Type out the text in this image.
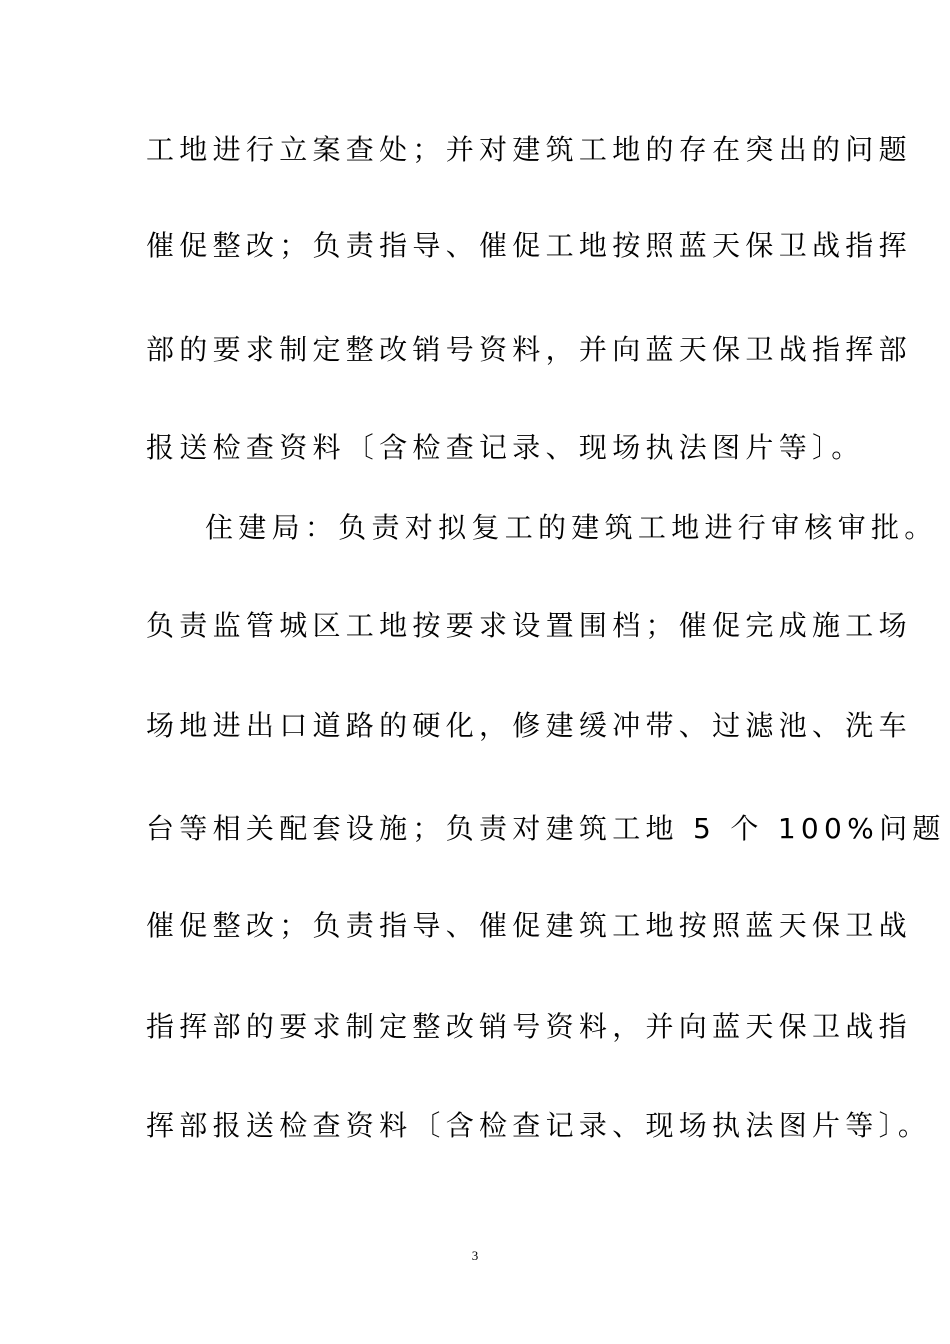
工地进行立案查处；并对建筑工地的存在突出的问题
催促整改；负责指导、催促工地按照蓝天保卫战指挥
部的要求制定整改销号资料，并向蓝天保卫战指挥部
报送检查资料〔含检查记录、现场执法图片等〕。
住建局：负责对拟复工的建筑工地进行审核审批。
负责监管城区工地按要求设置围档；催促完成施工场
场地进出口道路的硬化，修建缓冲带、过滤池、洗车
台等相关配套设施；负责对建筑工地 5 个 100%问题
催促整改；负责指导、催促建筑工地按照蓝天保卫战
指挥部的要求制定整改销号资料，并向蓝天保卫战指
挥部报送检查资料〔含检查记录、现场执法图片等〕。
3
